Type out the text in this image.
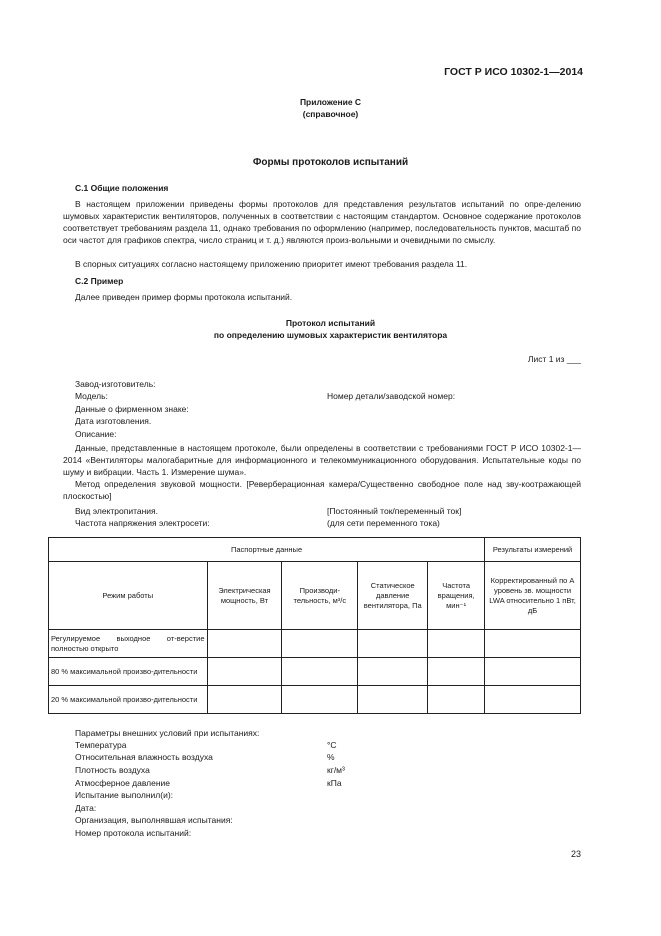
ГОСТ Р ИСО 10302-1—2014
Приложение С
(справочное)
Формы протоколов испытаний
С.1 Общие положения
В настоящем приложении приведены формы протоколов для представления результатов испытаний по опре-делению шумовых характеристик вентиляторов, полученных в соответствии с настоящим стандартом. Основное содержание протоколов соответствует требованиям раздела 11, однако требования по оформлению (например, последовательность пунктов, масштаб по оси частот для графиков спектра, число страниц и т. д.) являются произ-вольными и очевидными по смыслу.
В спорных ситуациях согласно настоящему приложению приоритет имеют требования раздела 11.
С.2 Пример
Далее приведен пример формы протокола испытаний.
Протокол испытаний
по определению шумовых характеристик вентилятора
Лист 1 из ___
Завод-изготовитель:
Модель:	Номер детали/заводской номер:
Данные о фирменном знаке:
Дата изготовления.
Описание:
Данные, представленные в настоящем протоколе, были определены в соответствии с требованиями ГОСТ Р ИСО 10302-1—2014 «Вентиляторы малогабаритные для информационного и телекоммуникационного оборудования. Испытательные коды по шуму и вибрации. Часть 1. Измерение шума».
Метод определения звуковой мощности. [Реверберационная камера/Существенно свободное поле над зву-коотражающей плоскостью]
Вид электропитания.	[Постоянный ток/переменный ток]
Частота напряжения электросети:	(для сети переменного тока)
Паспортные данные					Результаты измерений
Режим работы	Электрическая мощность, Вт	Производи-тельность, м³/с	Статическое давление вентилятора, Па	Частота вращения, мин⁻¹	Корректированный по А уровень зв. мощности LWA относительно 1 пВт, дБ
Регулируемое выходное от-верстие полностью открыто					
80 % максимальной произво-дительности					
20 % максимальной произво-дительности					
Параметры внешних условий при испытаниях:
Температура	°C
Относительная влажность воздуха	%
Плотность воздуха	кг/м³
Атмосферное давление	кПа
Испытание выполнил(и):
Дата:
Организация, выполнявшая испытания:
Номер протокола испытаний:
23
